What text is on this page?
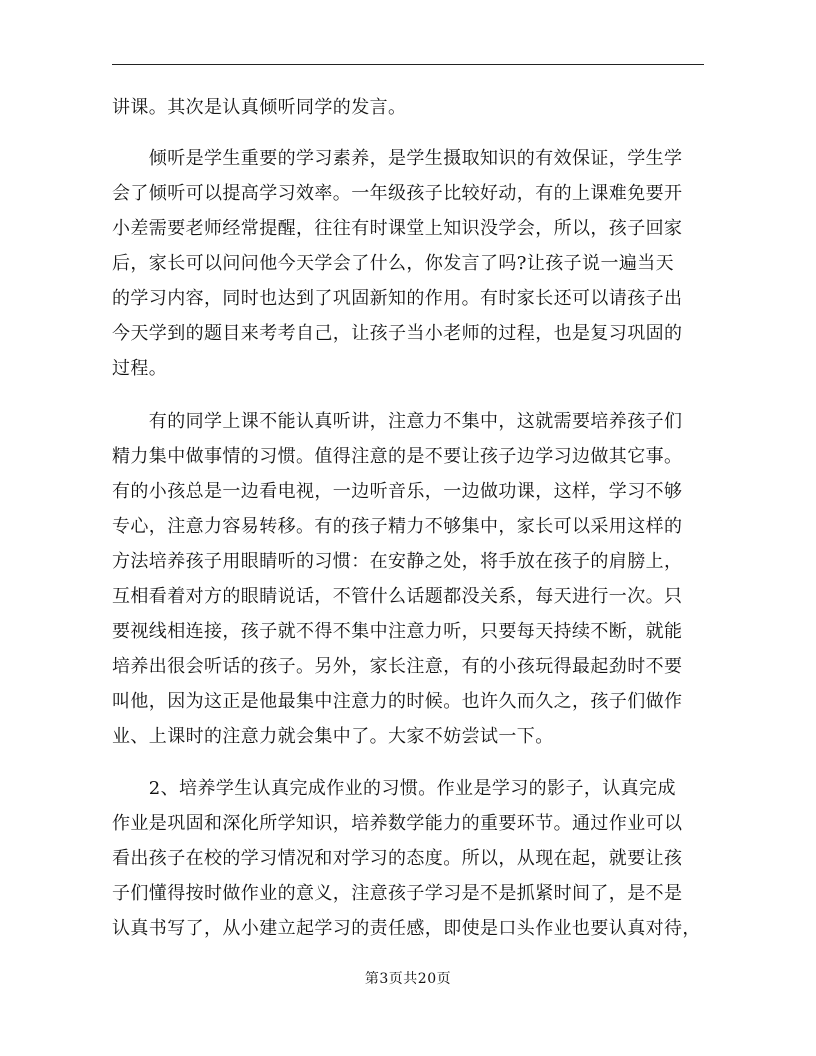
讲课。其次是认真倾听同学的发言。
　　倾听是学生重要的学习素养，是学生摄取知识的有效保证，学生学
会了倾听可以提高学习效率。一年级孩子比较好动，有的上课难免要开
小差需要老师经常提醒，往往有时课堂上知识没学会，所以，孩子回家
后，家长可以问问他今天学会了什么，你发言了吗?让孩子说一遍当天
的学习内容，同时也达到了巩固新知的作用。有时家长还可以请孩子出
今天学到的题目来考考自己，让孩子当小老师的过程，也是复习巩固的
过程。
　　有的同学上课不能认真听讲，注意力不集中，这就需要培养孩子们
精力集中做事情的习惯。值得注意的是不要让孩子边学习边做其它事。
有的小孩总是一边看电视，一边听音乐，一边做功课，这样，学习不够
专心，注意力容易转移。有的孩子精力不够集中，家长可以采用这样的
方法培养孩子用眼睛听的习惯：在安静之处，将手放在孩子的肩膀上，
互相看着对方的眼睛说话，不管什么话题都没关系，每天进行一次。只
要视线相连接，孩子就不得不集中注意力听，只要每天持续不断，就能
培养出很会听话的孩子。另外，家长注意，有的小孩玩得最起劲时不要
叫他，因为这正是他最集中注意力的时候。也许久而久之，孩子们做作
业、上课时的注意力就会集中了。大家不妨尝试一下。
　　2、培养学生认真完成作业的习惯。作业是学习的影子，认真完成
作业是巩固和深化所学知识，培养数学能力的重要环节。通过作业可以
看出孩子在校的学习情况和对学习的态度。所以，从现在起，就要让孩
子们懂得按时做作业的意义，注意孩子学习是不是抓紧时间了，是不是
认真书写了，从小建立起学习的责任感，即使是口头作业也要认真对待，
第3页共20页
